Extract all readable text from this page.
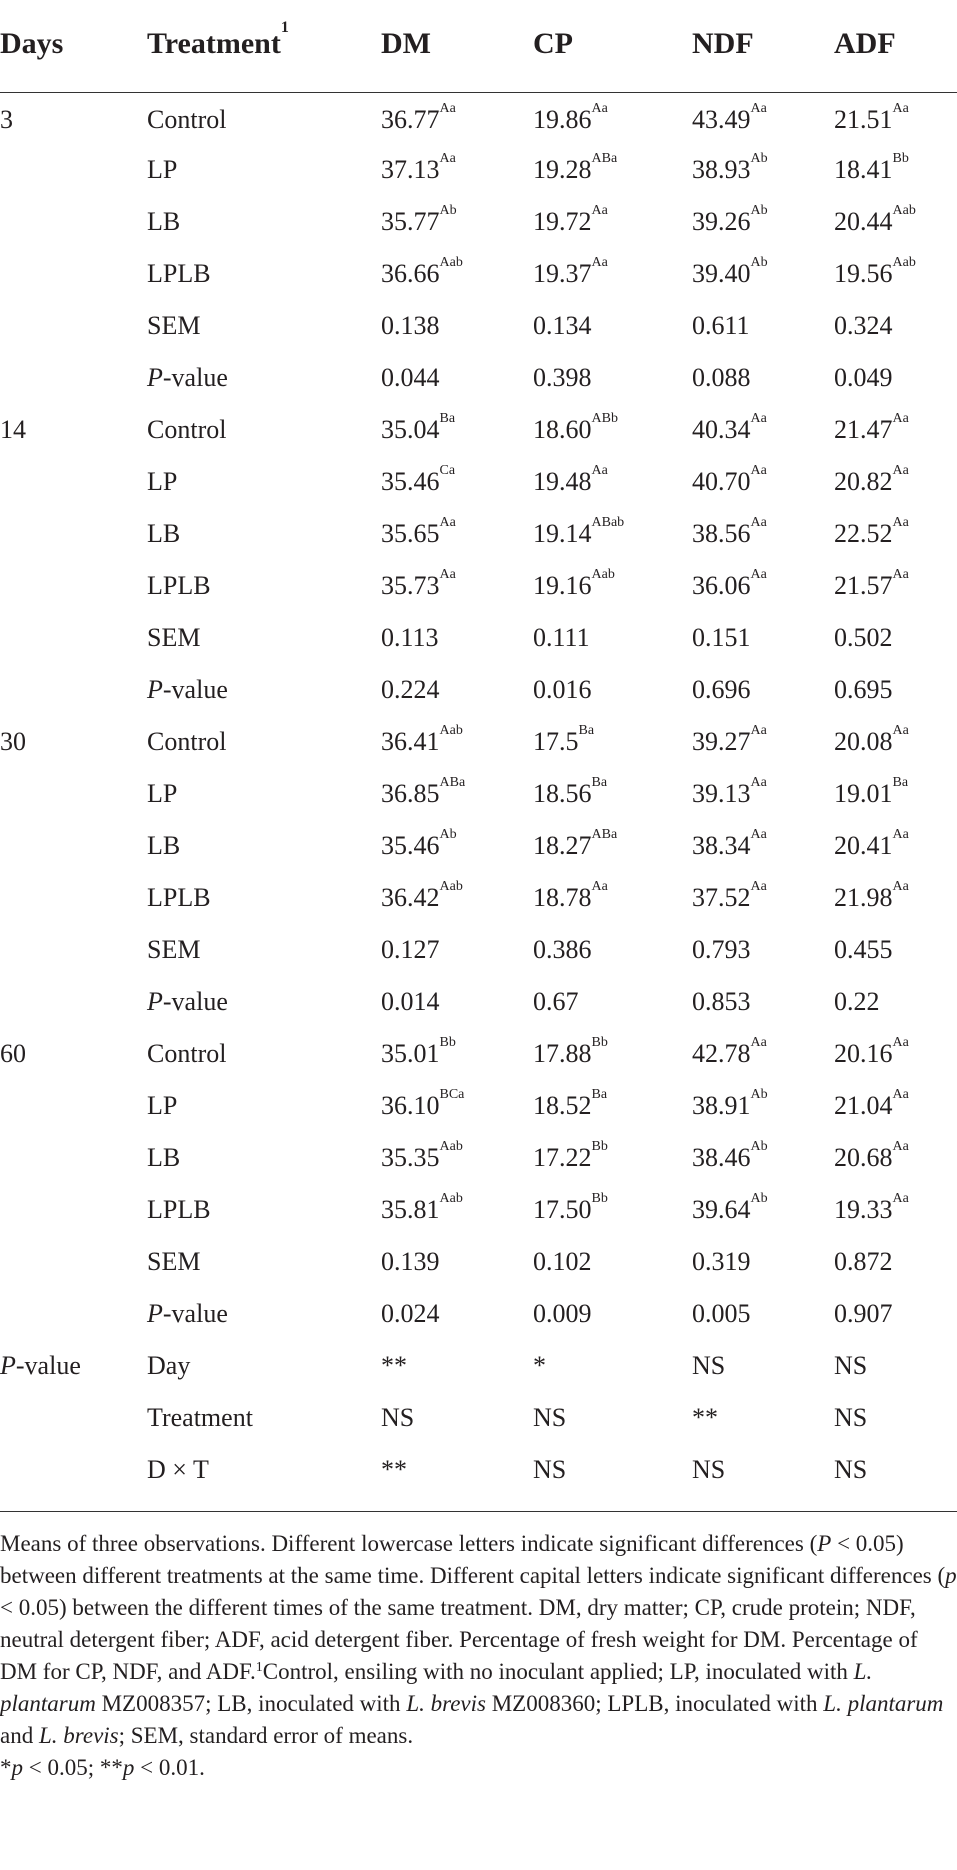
Days	Treatment$^1$	DM	CP	NDF	ADF
3	Control	$36.77^{Aa}$	$19.86^{Aa}$	$43.49^{Aa}$	$21.51^{Aa}$
	LP	$37.13^{Aa}$	$19.28^{ABa}$	$38.93^{Ab}$	$18.41^{Bb}$
	LB	$35.77^{Ab}$	$19.72^{Aa}$	$39.26^{Ab}$	$20.44^{Aab}$
	LPLB	$36.66^{Aab}$	$19.37^{Aa}$	$39.40^{Ab}$	$19.56^{Aab}$
	SEM	0.138	0.134	0.611	0.324
	P-value	0.044	0.398	0.088	0.049
14	Control	$35.04^{Ba}$	$18.60^{ABb}$	$40.34^{Aa}$	$21.47^{Aa}$
	LP	$35.46^{Ca}$	$19.48^{Aa}$	$40.70^{Aa}$	$20.82^{Aa}$
	LB	$35.65^{Aa}$	$19.14^{ABab}$	$38.56^{Aa}$	$22.52^{Aa}$
	LPLB	$35.73^{Aa}$	$19.16^{Aab}$	$36.06^{Aa}$	$21.57^{Aa}$
	SEM	0.113	0.111	0.151	0.502
	P-value	0.224	0.016	0.696	0.695
30	Control	$36.41^{Aab}$	$17.5^{Ba}$	$39.27^{Aa}$	$20.08^{Aa}$
	LP	$36.85^{ABa}$	$18.56^{Ba}$	$39.13^{Aa}$	$19.01^{Ba}$
	LB	$35.46^{Ab}$	$18.27^{ABa}$	$38.34^{Aa}$	$20.41^{Aa}$
	LPLB	$36.42^{Aab}$	$18.78^{Aa}$	$37.52^{Aa}$	$21.98^{Aa}$
	SEM	0.127	0.386	0.793	0.455
	P-value	0.014	0.67	0.853	0.22
60	Control	$35.01^{Bb}$	$17.88^{Bb}$	$42.78^{Aa}$	$20.16^{Aa}$
	LP	$36.10^{BCa}$	$18.52^{Ba}$	$38.91^{Ab}$	$21.04^{Aa}$
	LB	$35.35^{Aab}$	$17.22^{Bb}$	$38.46^{Ab}$	$20.68^{Aa}$
	LPLB	$35.81^{Aab}$	$17.50^{Bb}$	$39.64^{Ab}$	$19.33^{Aa}$
	SEM	0.139	0.102	0.319	0.872
	P-value	0.024	0.009	0.005	0.907
P-value	Day	**	*	NS	NS
	Treatment	NS	NS	**	NS
	D × T	**	NS	NS	NS

Means of three observations. Different lowercase letters indicate significant differences (P < 0.05) between different treatments at the same time. Different capital letters indicate significant differences (p < 0.05) between the different times of the same treatment. DM, dry matter; CP, crude protein; NDF, neutral detergent fiber; ADF, acid detergent fiber. Percentage of fresh weight for DM. Percentage of DM for CP, NDF, and ADF.$^1$Control, ensiling with no inoculant applied; LP, inoculated with L. plantarum MZ008357; LB, inoculated with L. brevis MZ008360; LPLB, inoculated with L. plantarum and L. brevis; SEM, standard error of means.

*p < 0.05; **p < 0.01.
